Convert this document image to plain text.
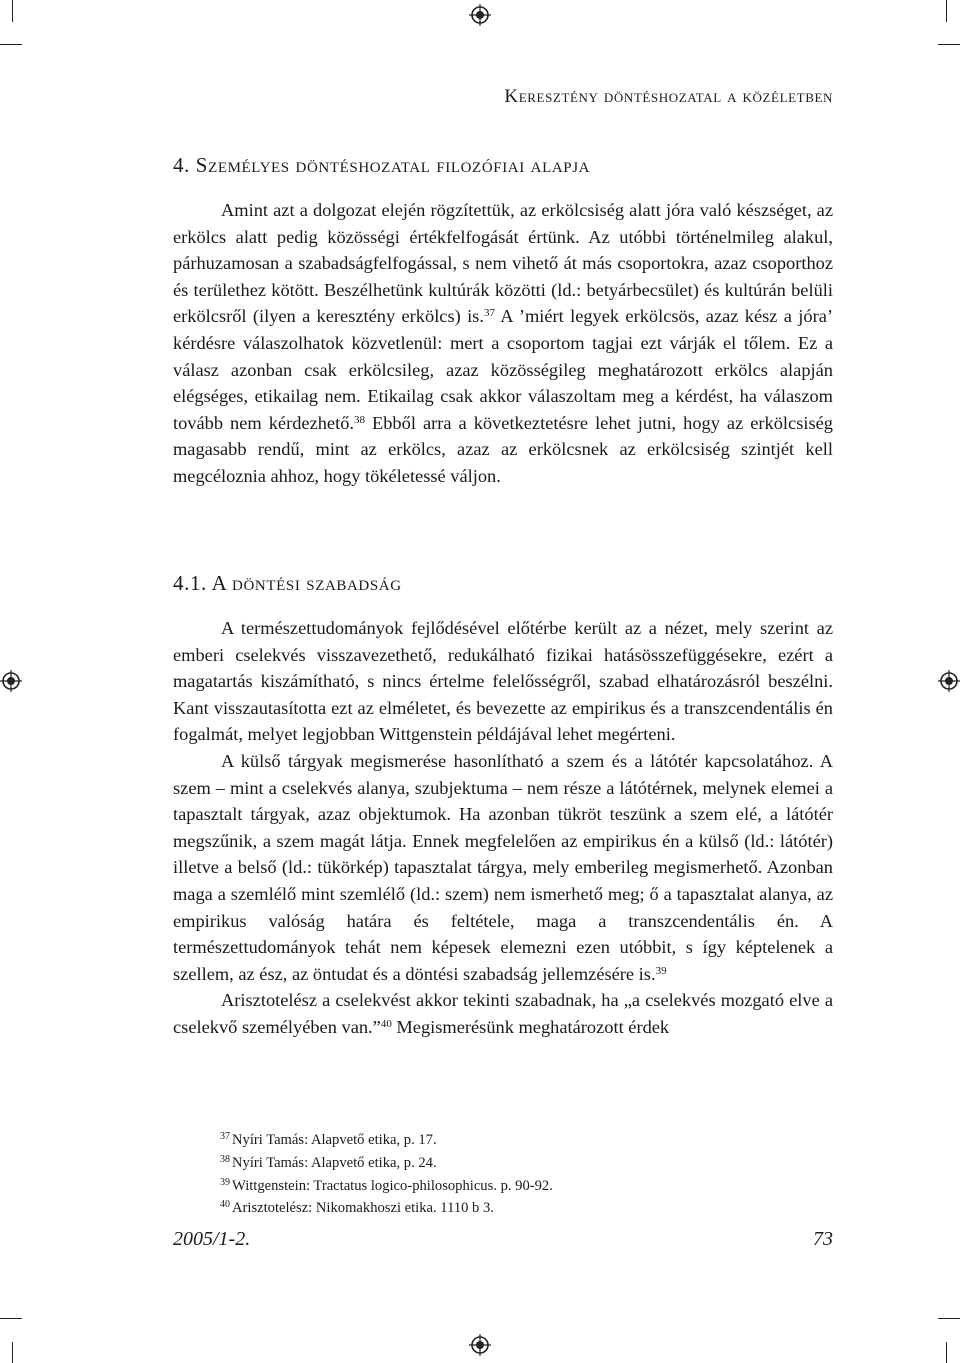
Keresztény döntéshozatal a közéletben
4. Személyes döntéshozatal filozófiai alapja

Amint azt a dolgozat elején rögzítettük, az erkölcsiség alatt jóra való készséget, az erkölcs alatt pedig közösségi értékfelfogását értünk. Az utóbbi történelmileg alakul, párhuzamosan a szabadságfelfogással, s nem vihető át más csoportokra, azaz csoporthoz és területhez kötött. Beszélhetünk kultúrák közötti (ld.: betyárbecsület) és kultúrán belüli erkölcsről (ilyen a keresztény erkölcs) is.$^{37}$ A ’miért legyek erkölcsös, azaz kész a jóra’ kérdésre válaszolhatok közvetlenül: mert a csoportom tagjai ezt várják el tőlem. Ez a válasz azonban csak erkölcsileg, azaz közösségileg meghatározott erkölcs alapján elégséges, etikailag nem. Etikailag csak akkor válaszoltam meg a kérdést, ha válaszom tovább nem kérdezhető.$^{38}$ Ebből arra a következtetésre lehet jutni, hogy az erkölcsiség magasabb rendű, mint az erkölcs, azaz az erkölcsnek az erkölcsiség szintjét kell megcéloznia ahhoz, hogy tökéletessé váljon.

4.1. A döntési szabadság

A természettudományok fejlődésével előtérbe került az a nézet, mely szerint az emberi cselekvés visszavezethető, redukálható fizikai hatásösszefüggésekre, ezért a magatartás kiszámítható, s nincs értelme felelősségről, szabad elhatározásról beszélni. Kant visszautasította ezt az elméletet, és bevezette az empirikus és a transzcendentális én fogalmát, melyet legjobban Wittgenstein példájával lehet megérteni.

A külső tárgyak megismerése hasonlítható a szem és a látótér kapcsolatához. A szem – mint a cselekvés alanya, szubjektuma – nem része a látótérnek, melynek elemei a tapasztalt tárgyak, azaz objektumok. Ha azonban tükröt teszünk a szem elé, a látótér megszűnik, a szem magát látja. Ennek megfelelően az empirikus én a külső (ld.: látótér) illetve a belső (ld.: tükörkép) tapasztalat tárgya, mely emberileg megismerhető. Azonban maga a szemlélő mint szemlélő (ld.: szem) nem ismerhető meg; ő a tapasztalat alanya, az empirikus valóság határa és feltétele, maga a transzcendentális én. A természettudományok tehát nem képesek elemezni ezen utóbbit, s így képtelenek a szellem, az ész, az öntudat és a döntési szabadság jellemzésére is.$^{39}$

Arisztotelész a cselekvést akkor tekinti szabadnak, ha „a cselekvés mozgató elve a cselekvő személyében van.”$^{40}$ Megismerésünk meghatározott érdek

$^{37}$ Nyíri Tamás: Alapvető etika, p. 17.
$^{38}$ Nyíri Tamás: Alapvető etika, p. 24.
$^{39}$ Wittgenstein: Tractatus logico-philosophicus. p. 90-92.
$^{40}$ Arisztotelész: Nikomakhoszi etika. 1110 b 3.
2005/1-2.	73
